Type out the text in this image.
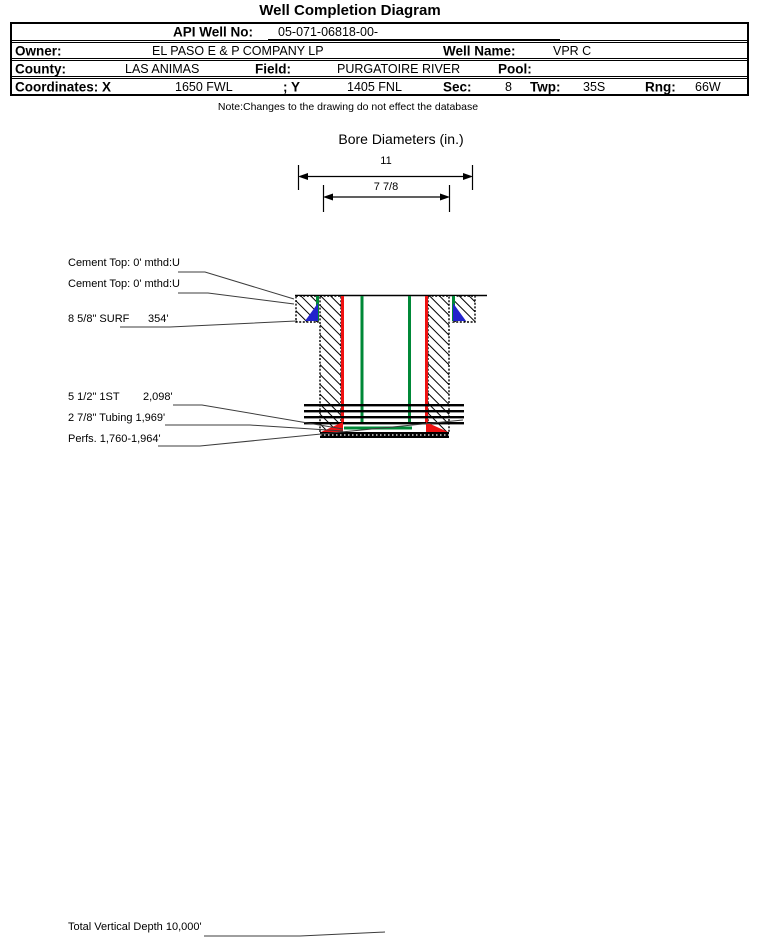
Well Completion Diagram
API Well No: 05-071-06818-00-
Owner:	EL PASO E & P COMPANY LP	Well Name:	VPR C
County:	LAS ANIMAS	Field:	PURGATOIRE RIVER	Pool:
Coordinates: X	1650 FWL	; Y	1405 FNL	Sec:	8 Twp: 35S	Rng: 66W
Note:Changes to the drawing do not effect the database
Bore Diameters (in.)
11
7 7/8
Cement Top: 0' mthd:U
Cement Top: 0' mthd:U
8 5/8" SURF 354'
5 1/2" 1ST 2,098'
2 7/8" Tubing 1,969'
Perfs. 1,760-1,964'
Total Vertical Depth 10,000'
